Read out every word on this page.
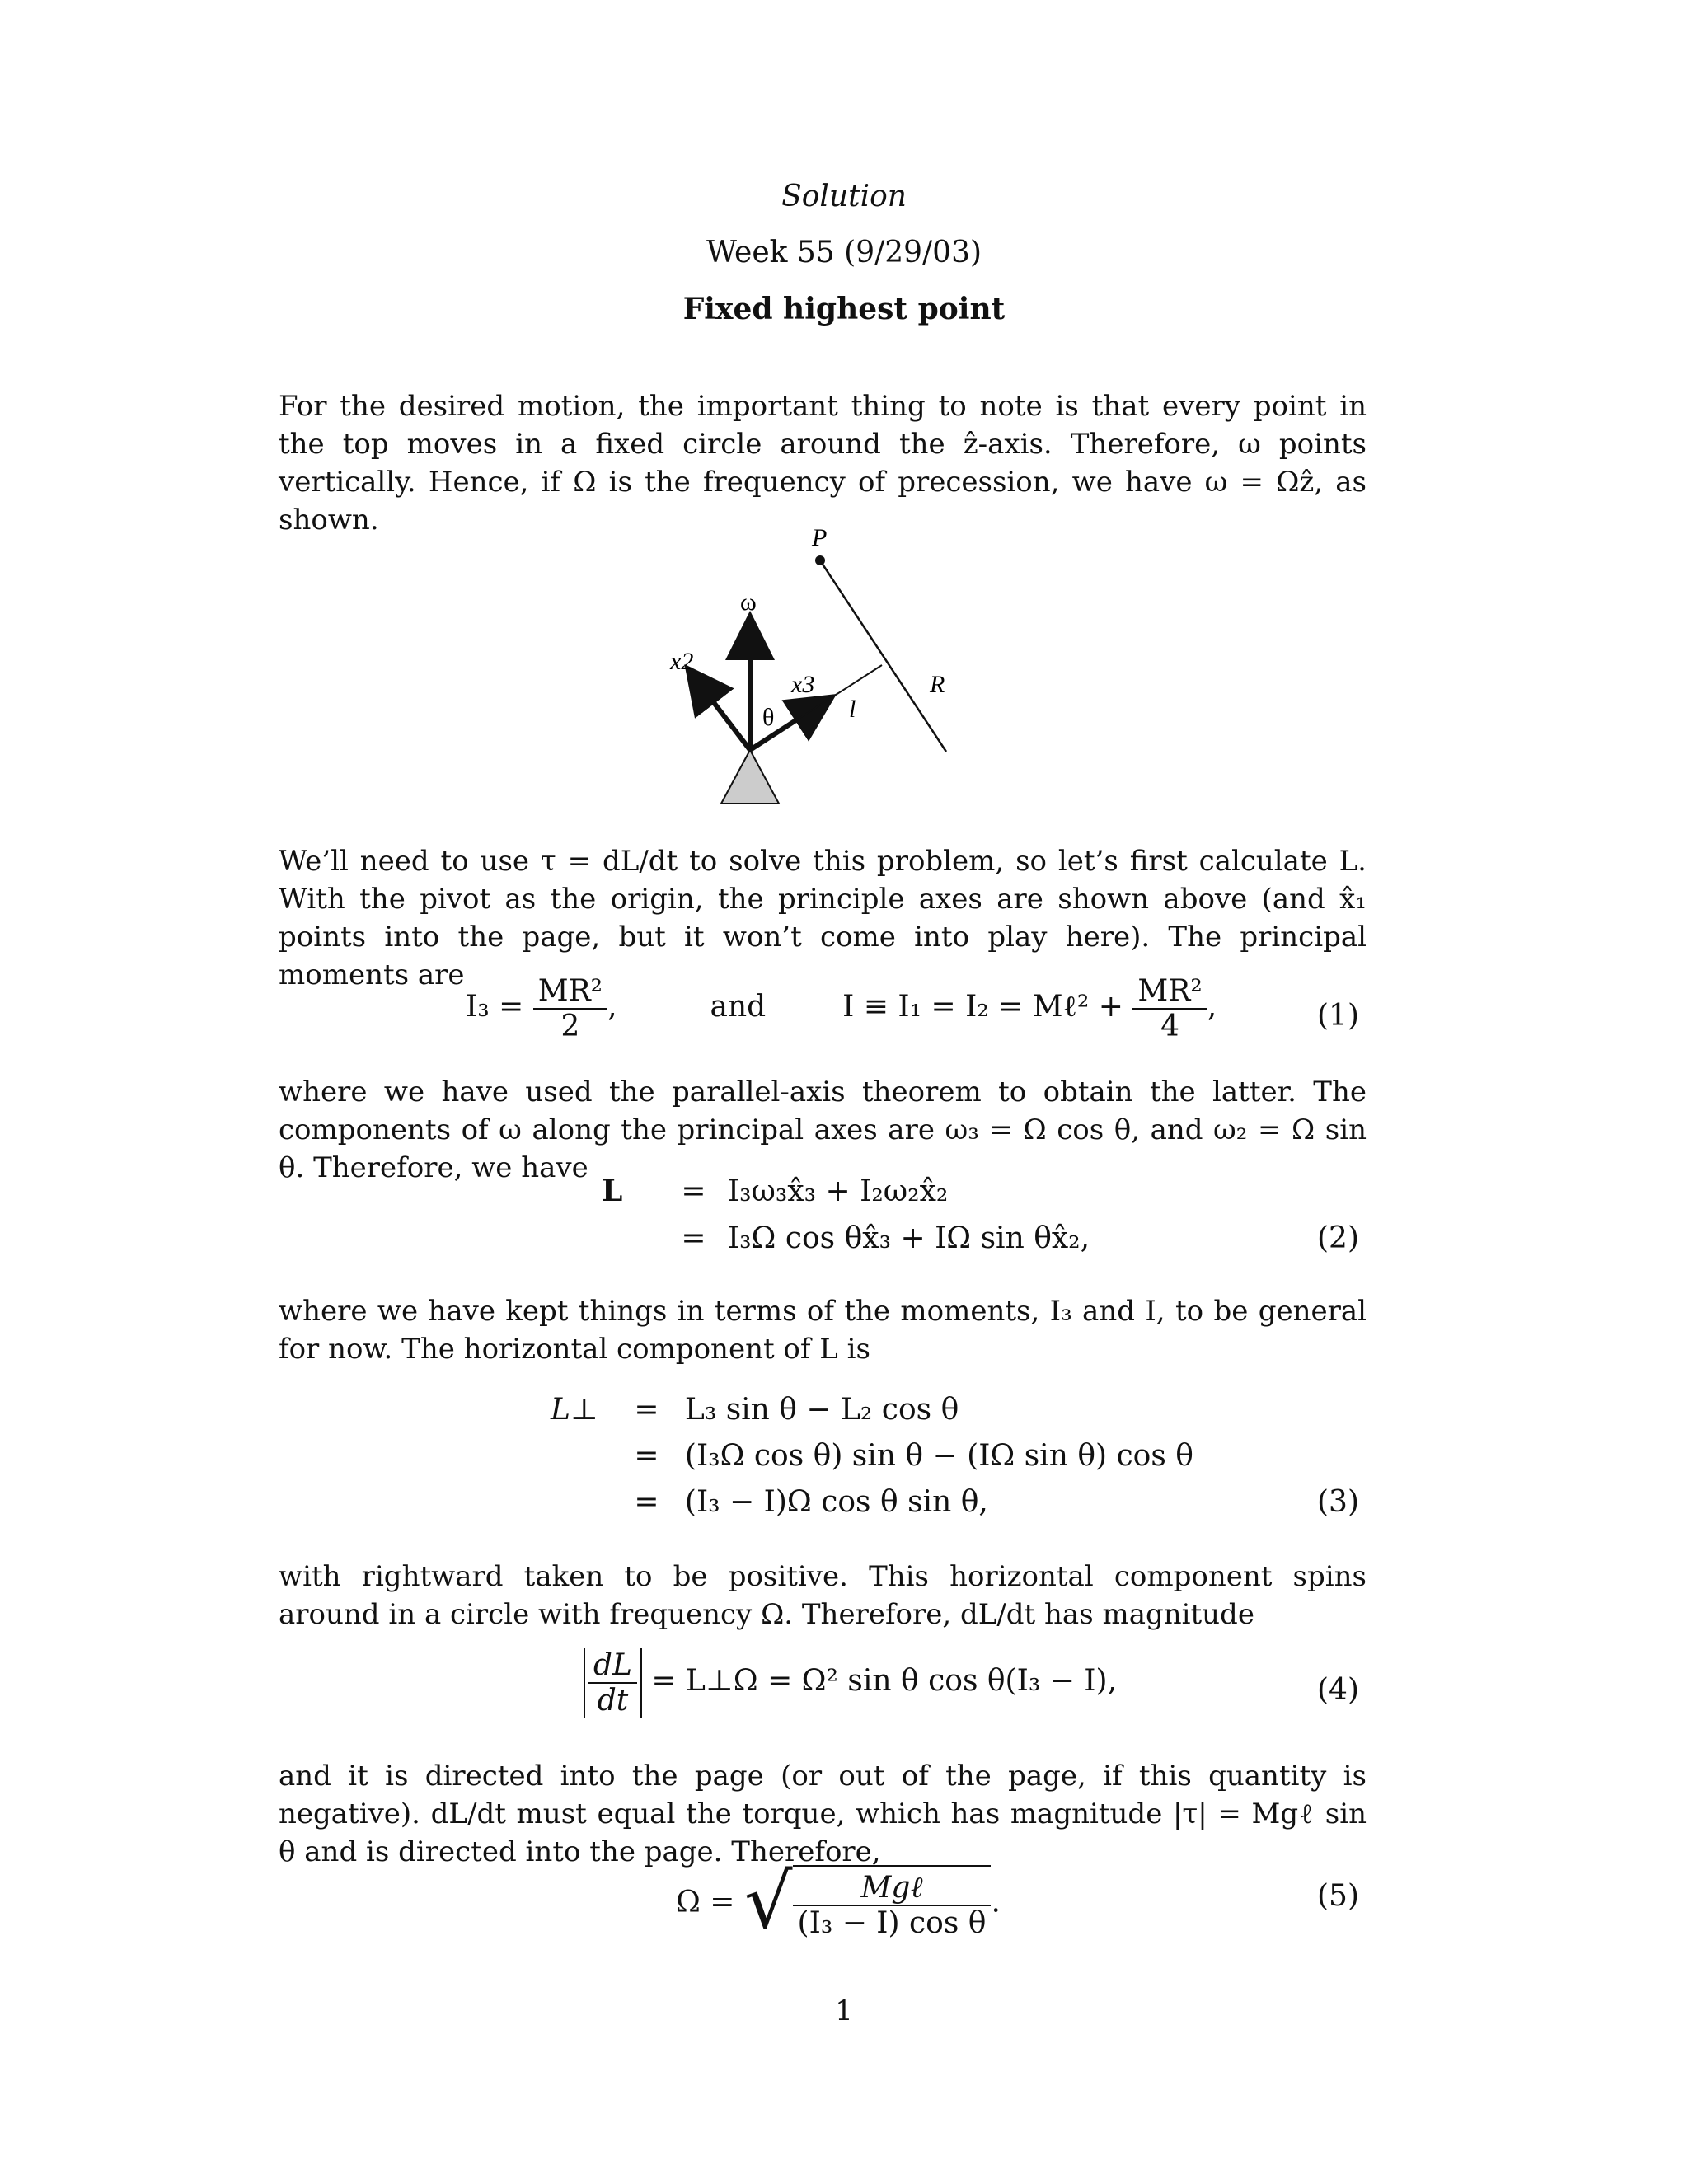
Solution
Week 55 (9/29/03)
Fixed highest point
For the desired motion, the important thing to note is that every point in the top moves in a fixed circle around the ẑ-axis. Therefore, ω points vertically. Hence, if Ω is the frequency of precession, we have ω = Ωẑ, as shown.
P
ω
x2
x3
θ	l
R
We’ll need to use τ = dL/dt to solve this problem, so let’s first calculate L. With the pivot as the origin, the principle axes are shown above (and x̂₁ points into the page, but it won’t come into play here). The principal moments are
$I_3 = \frac{\text{MR²}}{2}$ ,	and	I ≡ I₁ = I₂ = Mℓ² + $\frac{\text{MR²}}{4}$ ,	(1)
where we have used the parallel-axis theorem to obtain the latter. The components of ω along the principal axes are ω₃ = Ω cos θ, and ω₂ = Ω sin θ. Therefore, we have
L = I₃ω₃x̂₃ + I₂ω₂x̂₂
= I₃Ω cos θx̂₃ + IΩ sin θx̂₂,	(2)
where we have kept things in terms of the moments, I₃ and I, to be general for now. The horizontal component of L is
L⊥ = L₃ sin θ − L₂ cos θ
= (I₃Ω cos θ) sin θ − (IΩ sin θ) cos θ
= (I₃ − I)Ω cos θ sin θ,	(3)
with rightward taken to be positive. This horizontal component spins around in a circle with frequency Ω. Therefore, dL/dt has magnitude
$\frac{dL}{dt}$ = L⊥Ω = Ω² sin θ cos θ(I₃ − I),	(4)
and it is directed into the page (or out of the page, if this quantity is negative). dL/dt must equal the torque, which has magnitude |τ| = Mgℓ sin θ and is directed into the page. Therefore,
Ω = √ $\frac{\text{Mgℓ}}{\text{(I₃ − I) cos θ}}$ .	(5)
1
